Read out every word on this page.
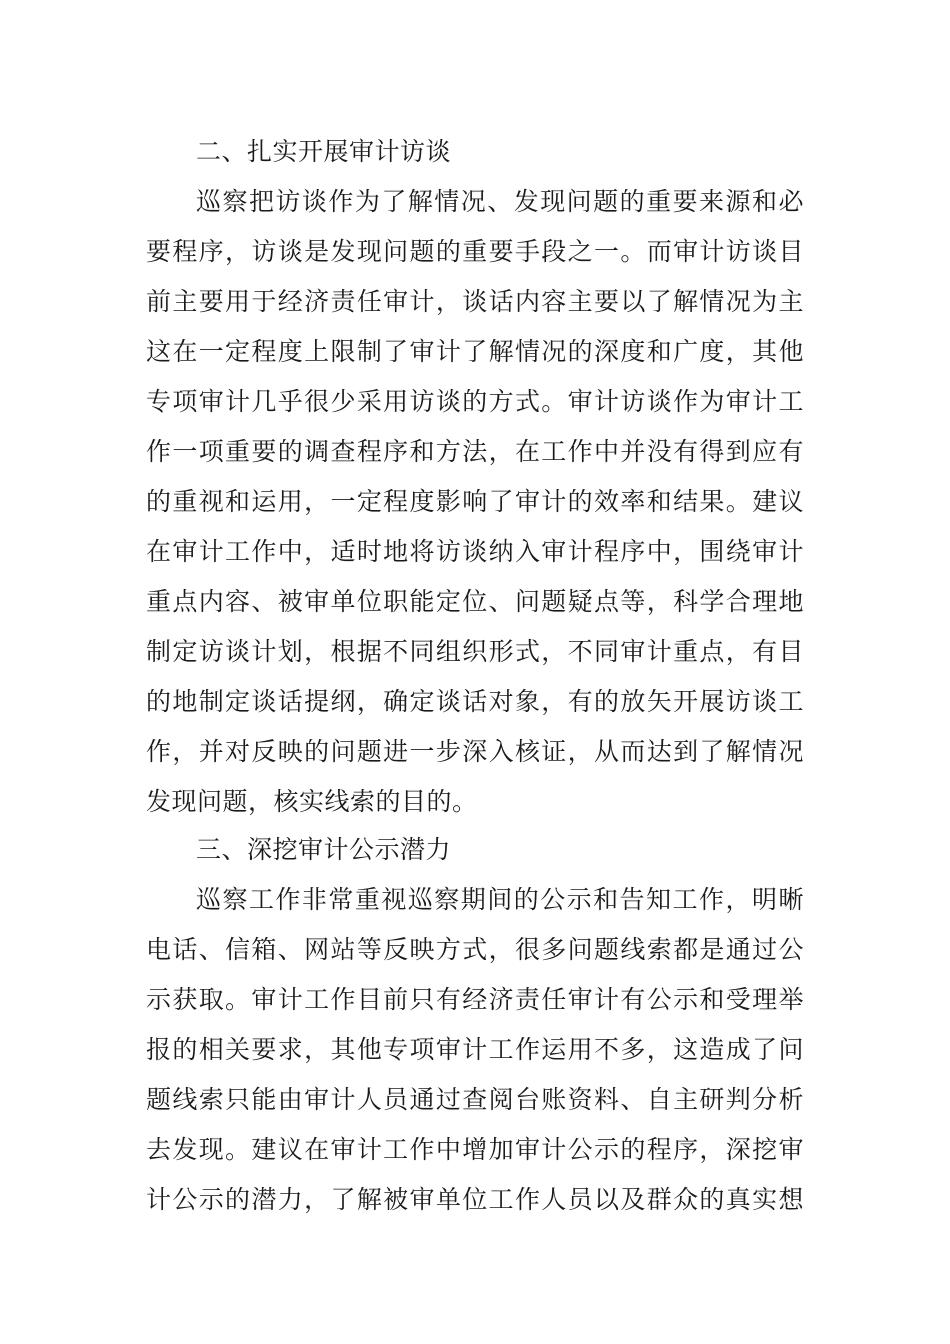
二、扎实开展审计访谈
巡察把访谈作为了解情况、发现问题的重要来源和必
要程序，访谈是发现问题的重要手段之一。而审计访谈目
前主要用于经济责任审计，谈话内容主要以了解情况为主
这在一定程度上限制了审计了解情况的深度和广度，其他
专项审计几乎很少采用访谈的方式。审计访谈作为审计工
作一项重要的调查程序和方法，在工作中并没有得到应有
的重视和运用，一定程度影响了审计的效率和结果。建议
在审计工作中，适时地将访谈纳入审计程序中，围绕审计
重点内容、被审单位职能定位、问题疑点等，科学合理地
制定访谈计划，根据不同组织形式，不同审计重点，有目
的地制定谈话提纲，确定谈话对象，有的放矢开展访谈工
作，并对反映的问题进一步深入核证，从而达到了解情况
发现问题，核实线索的目的。
三、深挖审计公示潜力
巡察工作非常重视巡察期间的公示和告知工作，明晰
电话、信箱、网站等反映方式，很多问题线索都是通过公
示获取。审计工作目前只有经济责任审计有公示和受理举
报的相关要求，其他专项审计工作运用不多，这造成了问
题线索只能由审计人员通过查阅台账资料、自主研判分析
去发现。建议在审计工作中增加审计公示的程序，深挖审
计公示的潜力，了解被审单位工作人员以及群众的真实想
